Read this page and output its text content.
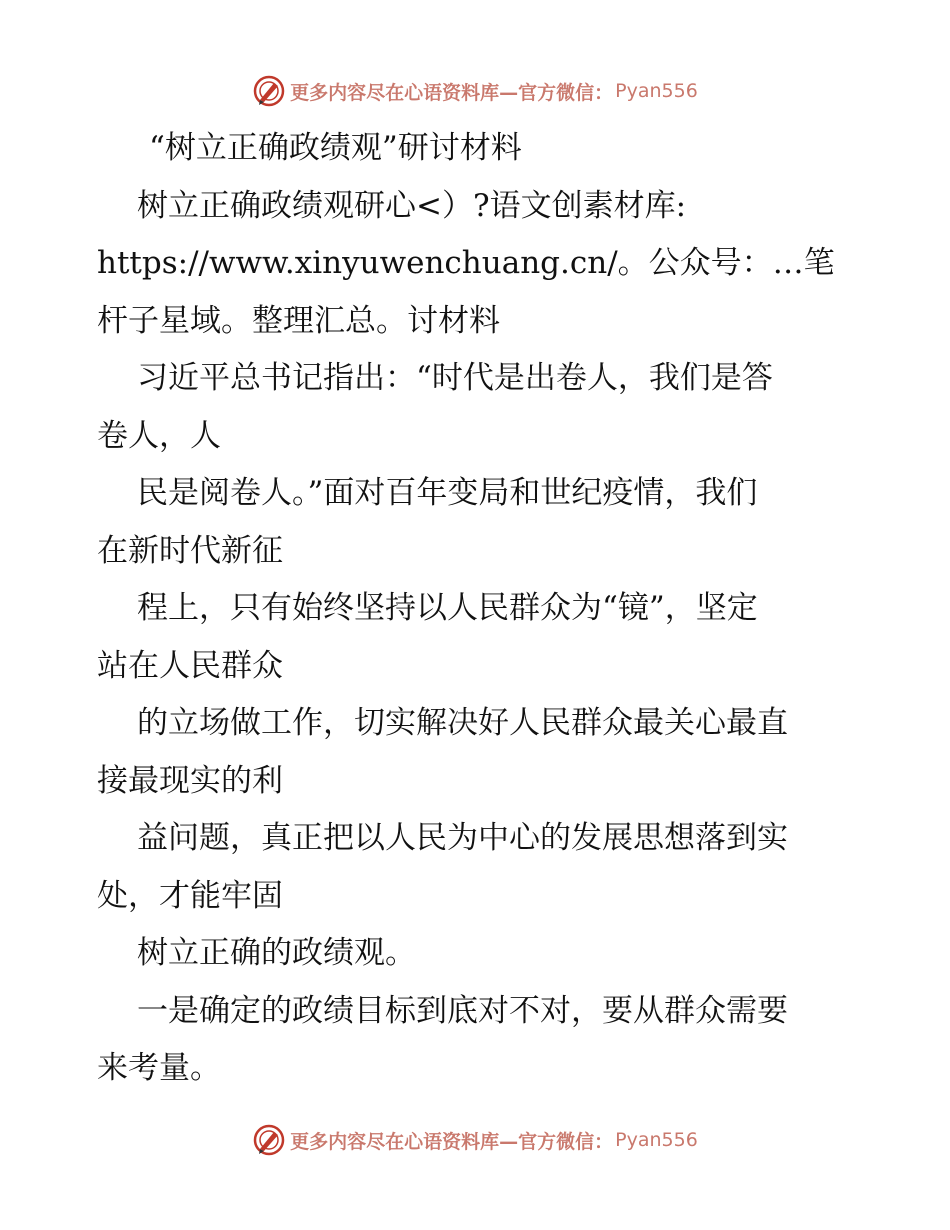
更多内容尽在心语资料库—官方微信： Pyan556
“树立正确政绩观”研讨材料
树立正确政绩观研心<）?语文创素材库:
https://www.xinyuwenchuang.cn/。公众号：…笔
杆子星域。整理汇总。讨材料
习近平总书记指出：“时代是出卷人，我们是答
卷人，人
民是阅卷人。”面对百年变局和世纪疫情，我们
在新时代新征
程上，只有始终坚持以人民群众为“镜”，坚定
站在人民群众
的立场做工作，切实解决好人民群众最关心最直
接最现实的利
益问题，真正把以人民为中心的发展思想落到实
处，才能牢固
树立正确的政绩观。
一是确定的政绩目标到底对不对，要从群众需要
来考量。
更多内容尽在心语资料库—官方微信： Pyan556
